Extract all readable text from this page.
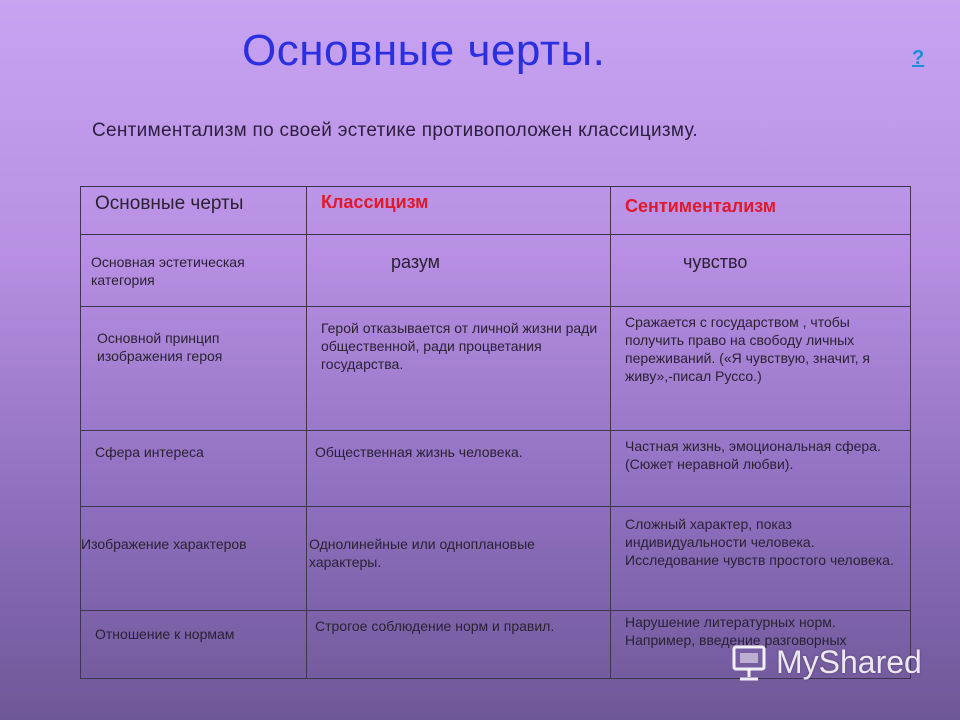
Основные черты.	?
Сентиментализм по своей эстетике противоположен классицизму.
Основные черты	Классицизм	Сентиментализм

Основная эстетическая категория	разум	чувство

Основной принцип изображения героя	Герой отказывается от личной жизни ради общественной, ради процветания государства.	Сражается с государством , чтобы получить право на свободу личных переживаний. («Я чувствую, значит, я живу»,-писал Руссо.)

Сфера интереса	Общественная жизнь человека.	Частная жизнь, эмоциональная сфера. (Сюжет неравной любви).

Изображение характеров	Однолинейные или одноплановые характеры.	Сложный характер, показ индивидуальности человека. Исследование чувств простого человека.

Отношение к нормам	Строгое соблюдение норм и правил.	Нарушение литературных норм. Например, введение разговорных
MyShared
